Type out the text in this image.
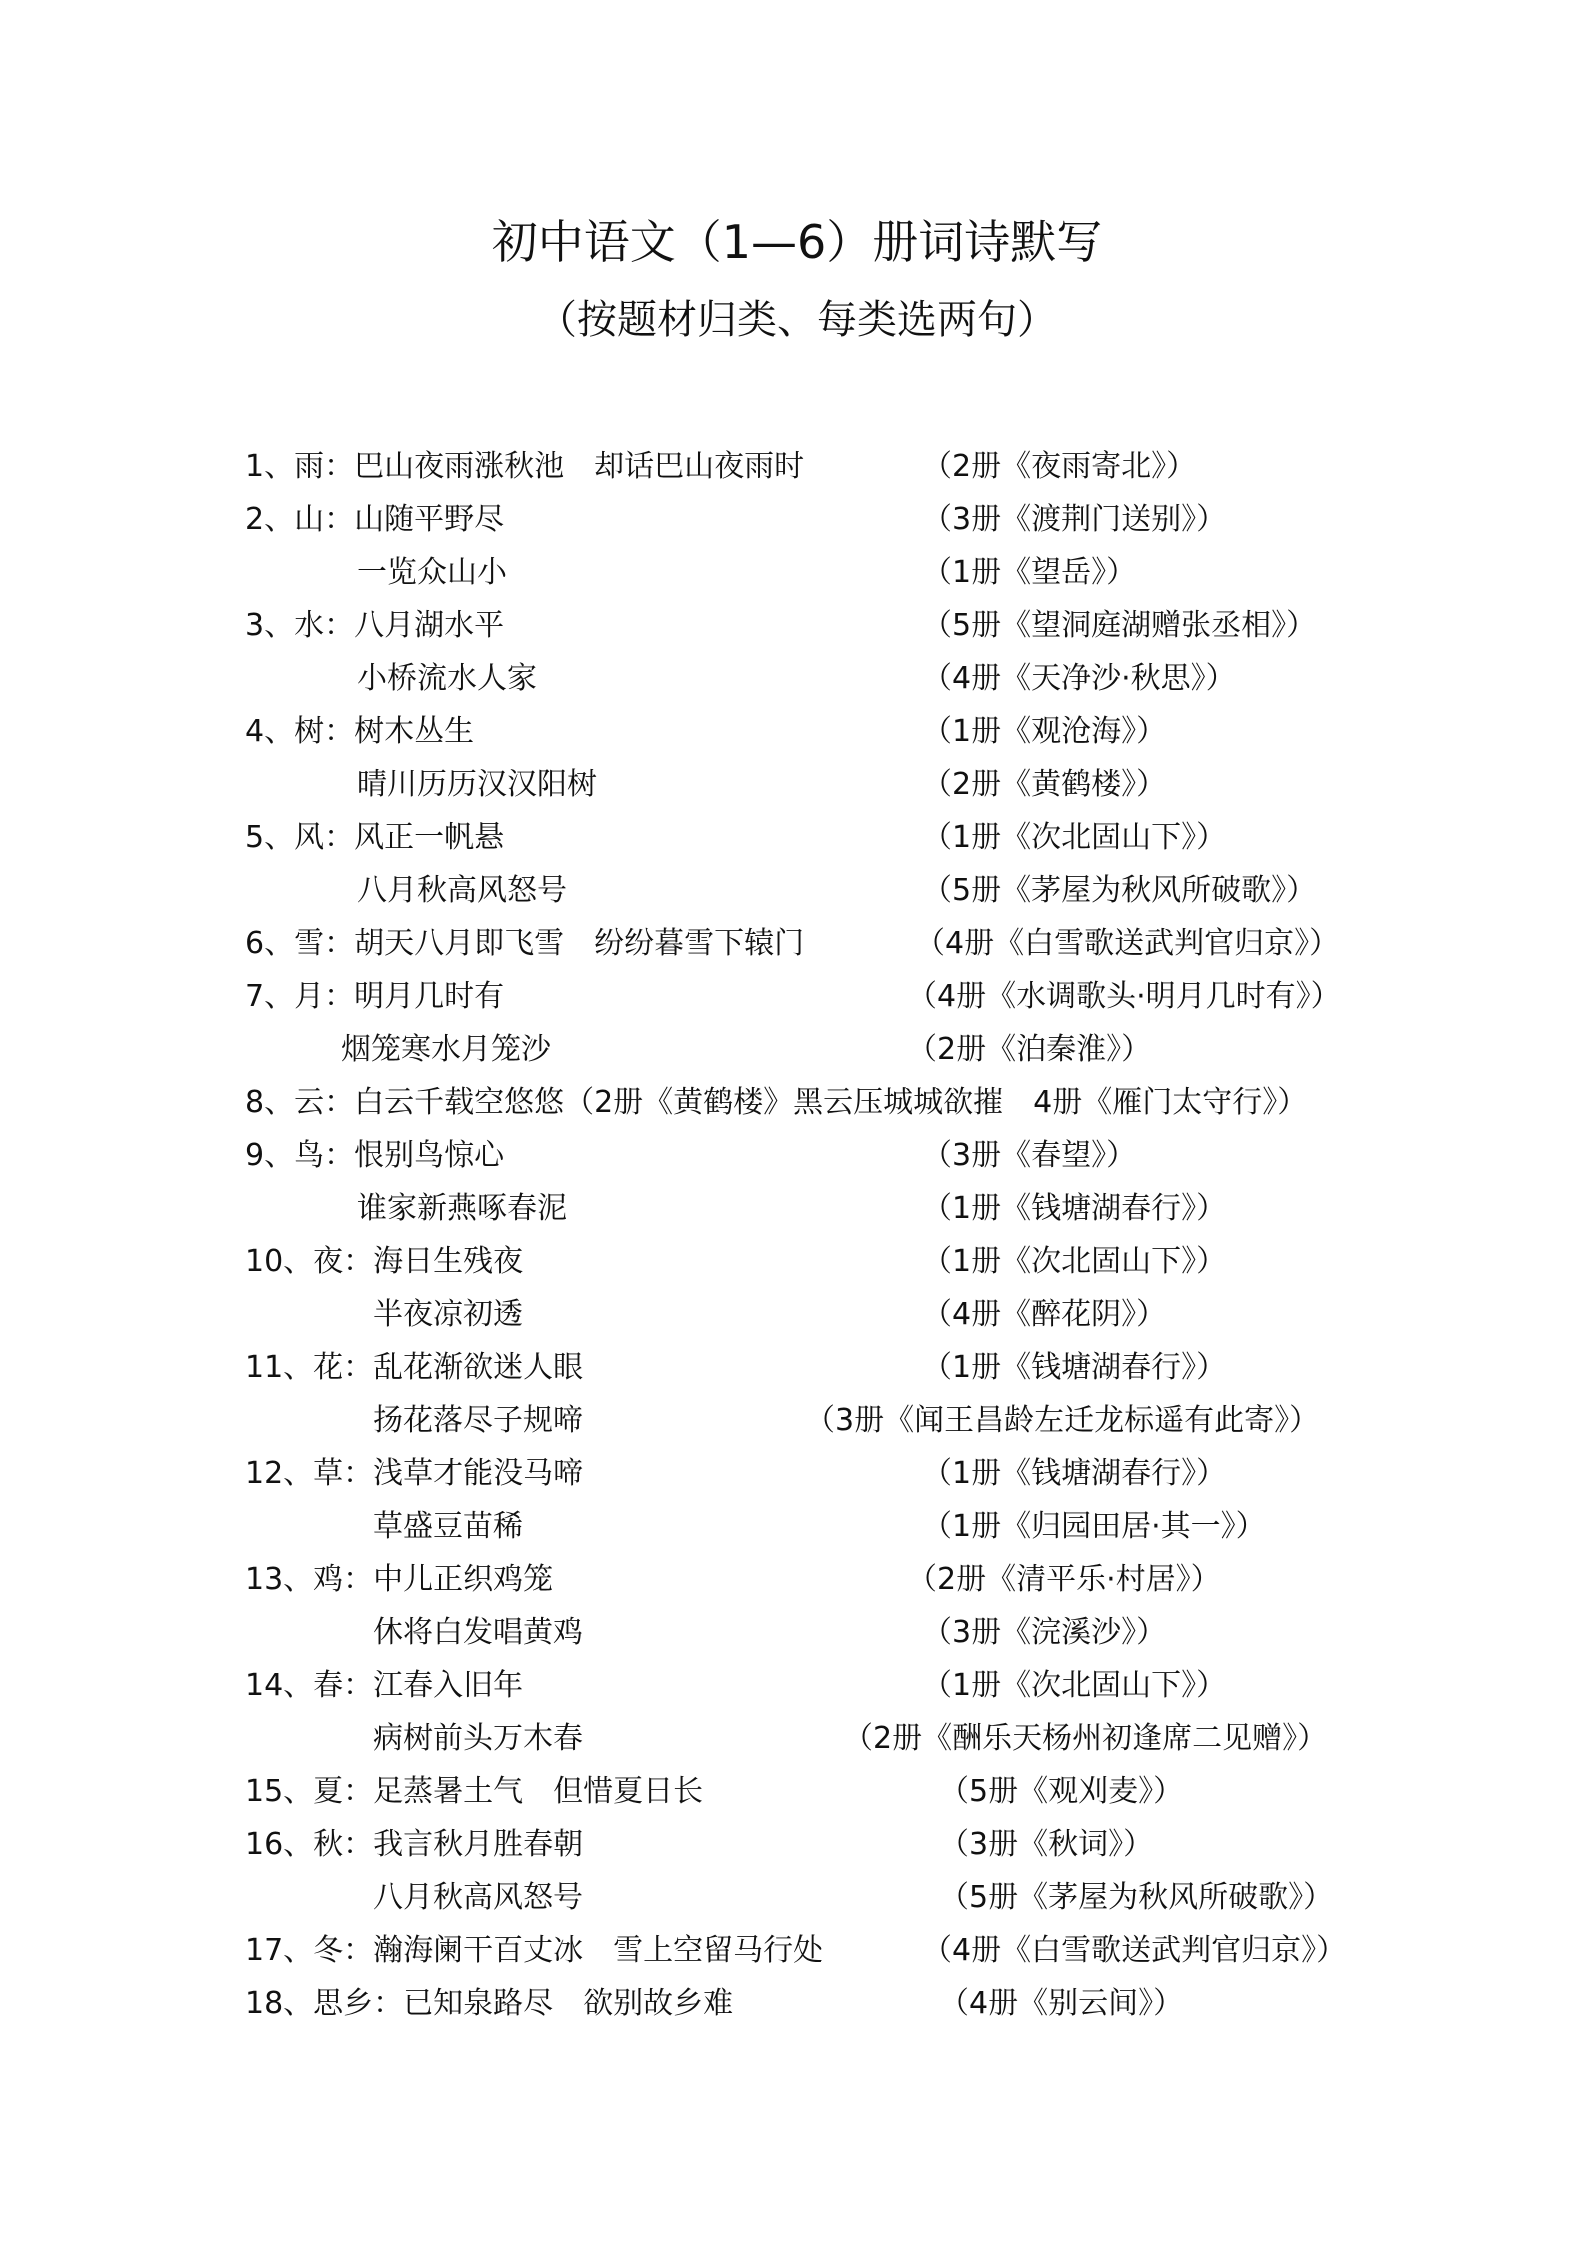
初中语文（1—6）册词诗默写
（按题材归类、每类选两句）
1、雨：巴山夜雨涨秋池　却话巴山夜雨时	（2册《夜雨寄北》）
2、山：山随平野尽	（3册《渡荆门送别》）
一览众山小	（1册《望岳》）
3、水：八月湖水平	（5册《望洞庭湖赠张丞相》）
小桥流水人家	（4册《天净沙·秋思》）
4、树：树木丛生	（1册《观沧海》）
晴川历历汉汉阳树	（2册《黄鹤楼》）
5、风：风正一帆悬	（1册《次北固山下》）
八月秋高风怒号	（5册《茅屋为秋风所破歌》）
6、雪：胡天八月即飞雪　纷纷暮雪下辕门	（4册《白雪歌送武判官归京》）
7、月：明月几时有	（4册《水调歌头·明月几时有》）
烟笼寒水月笼沙	（2册《泊秦淮》）
8、云：白云千载空悠悠（2册《黄鹤楼》黑云压城城欲摧　4册《雁门太守行》）
9、鸟：恨别鸟惊心	（3册《春望》）
谁家新燕啄春泥	（1册《钱塘湖春行》）
10、夜：海日生残夜	（1册《次北固山下》）
半夜凉初透	（4册《醉花阴》）
11、花：乱花渐欲迷人眼	（1册《钱塘湖春行》）
扬花落尽子规啼	（3册《闻王昌龄左迁龙标遥有此寄》）
12、草：浅草才能没马啼	（1册《钱塘湖春行》）
草盛豆苗稀	（1册《归园田居·其一》）
13、鸡：中儿正织鸡笼	（2册《清平乐·村居》）
休将白发唱黄鸡	（3册《浣溪沙》）
14、春：江春入旧年	（1册《次北固山下》）
病树前头万木春	（2册《酬乐天杨州初逢席二见赠》）
15、夏：足蒸暑土气　但惜夏日长	（5册《观刈麦》）
16、秋：我言秋月胜春朝	（3册《秋词》）
八月秋高风怒号	（5册《茅屋为秋风所破歌》）
17、冬：瀚海阑干百丈冰　雪上空留马行处	（4册《白雪歌送武判官归京》）
18、思乡：已知泉路尽　欲别故乡难	（4册《别云间》）
